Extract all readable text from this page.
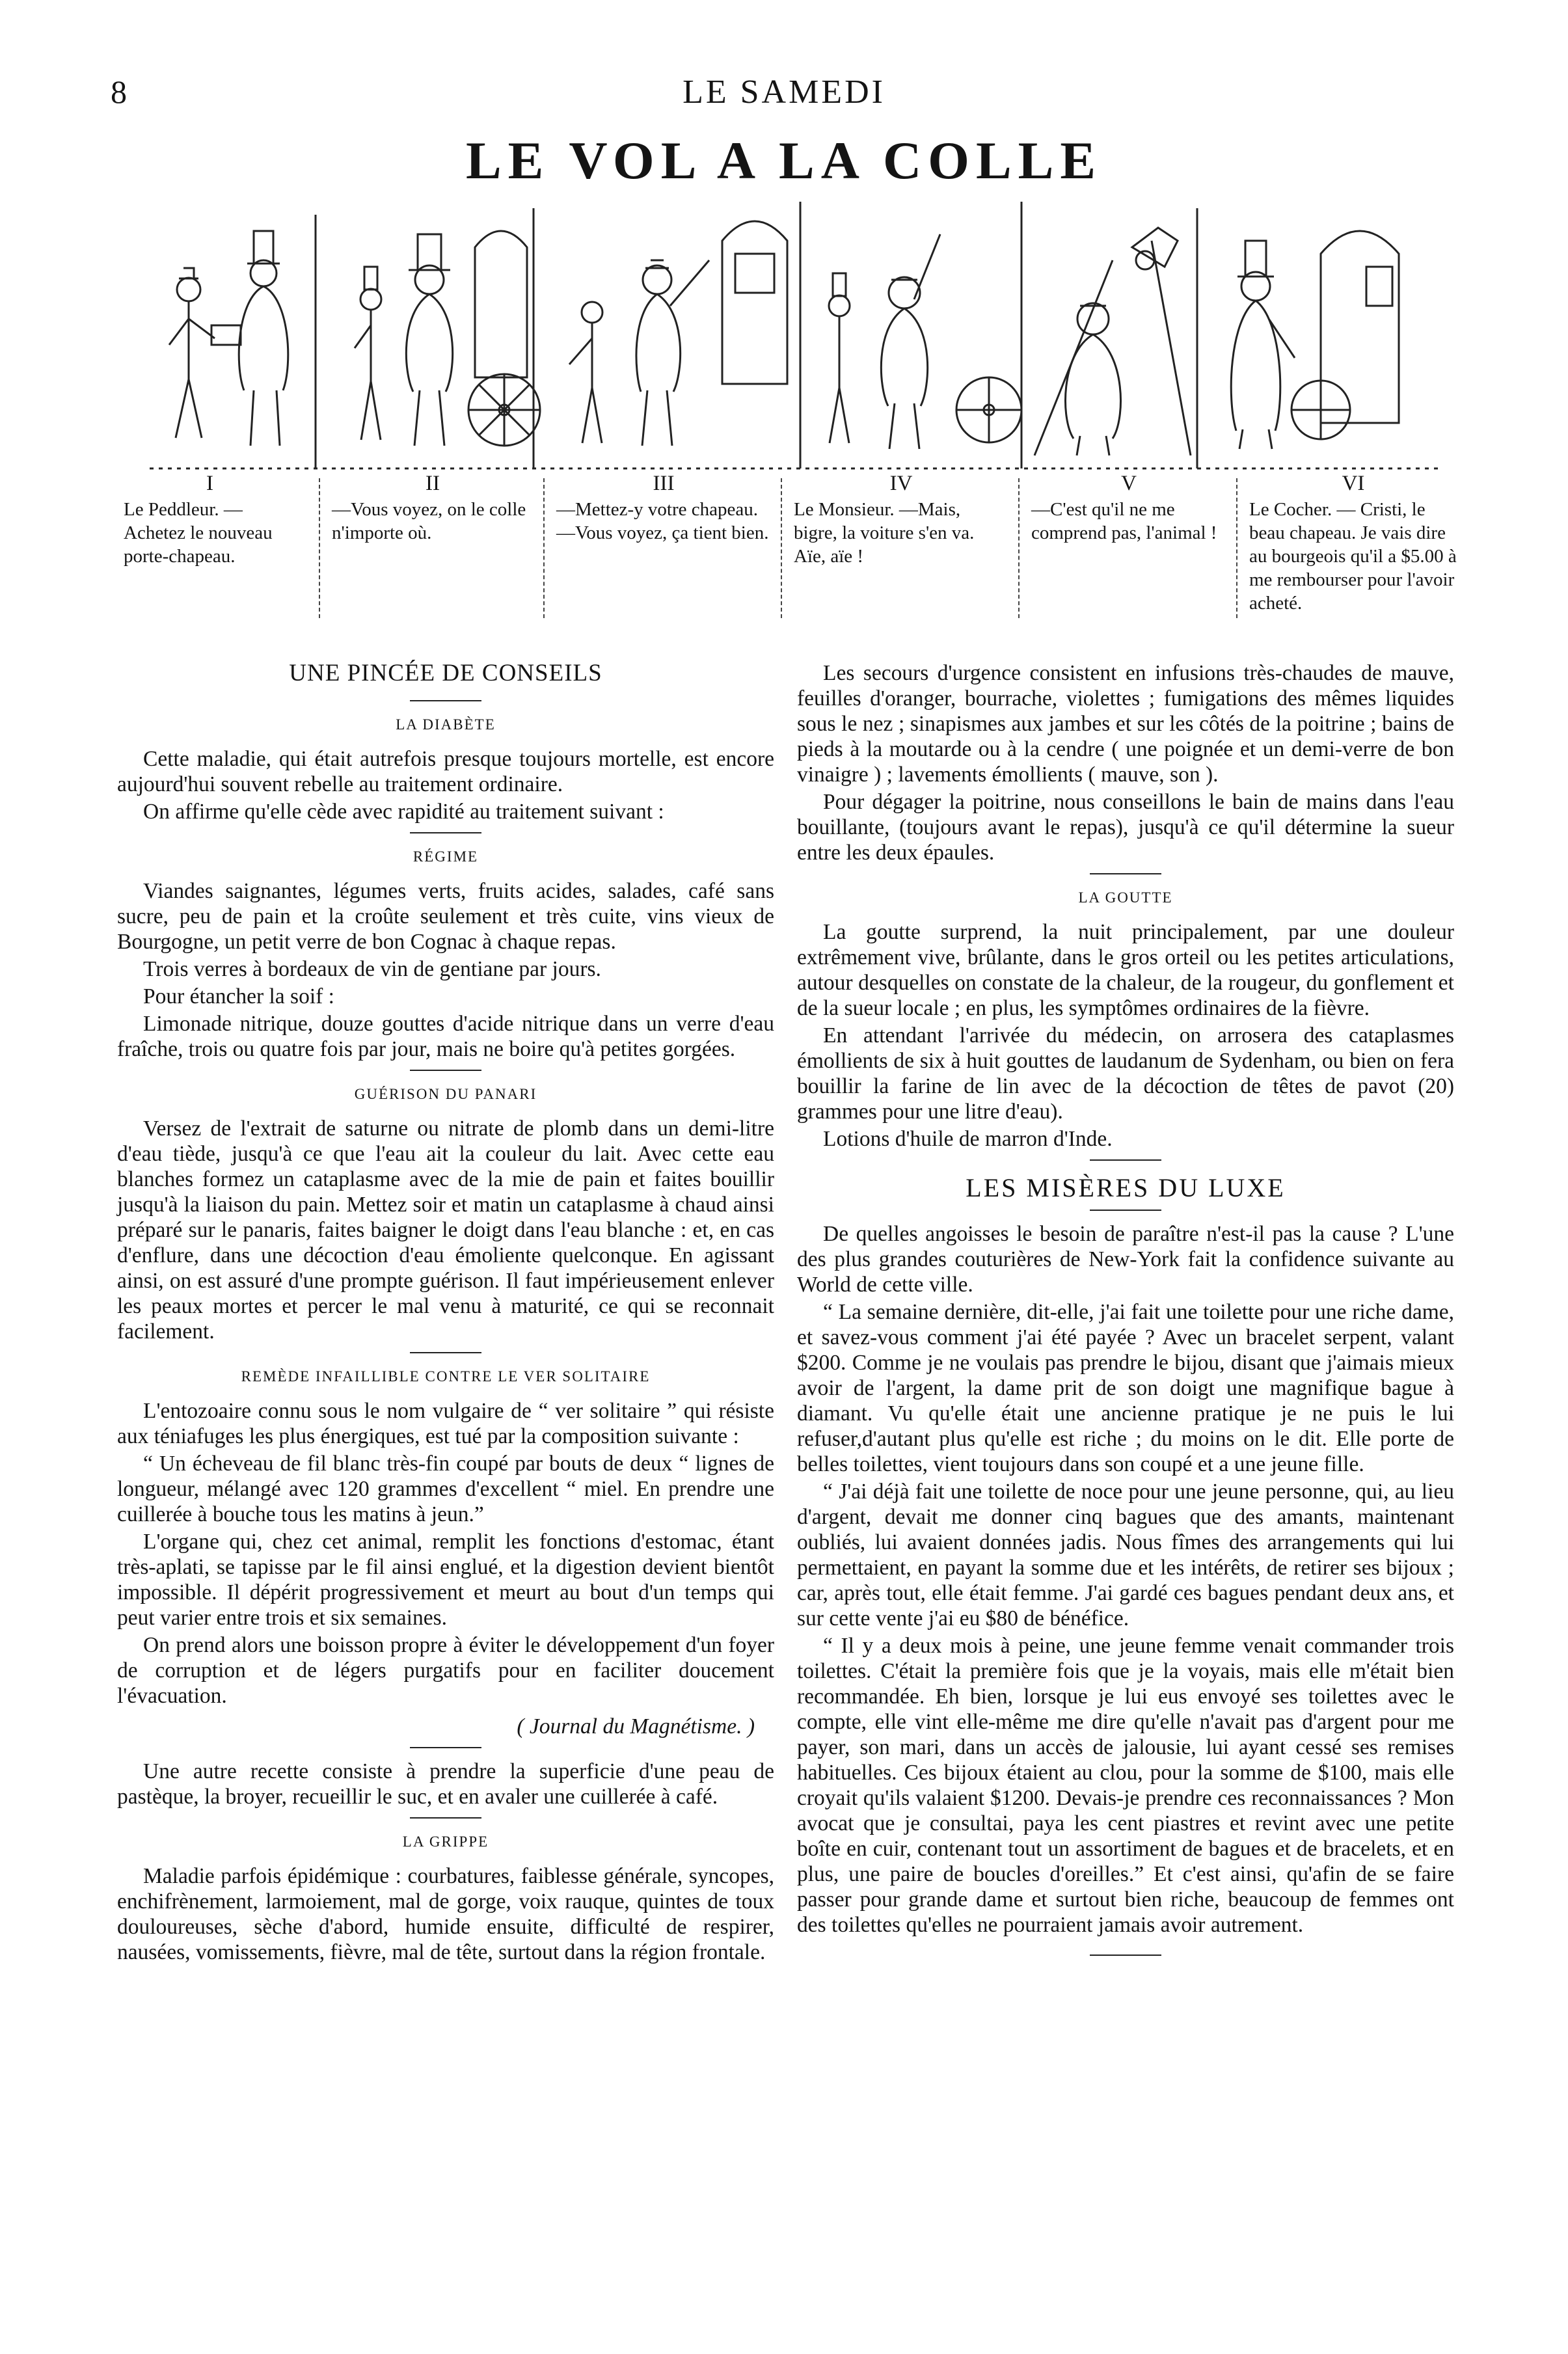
8	LE SAMEDI
LE VOL A LA COLLE
I
Le Peddleur. — Achetez le nouveau porte-chapeau.
II
—Vous voyez, on le colle n'importe où.
III
—Mettez-y votre chapeau. —Vous voyez, ça tient bien.
IV
Le Monsieur. —Mais, bigre, la voiture s'en va. Aïe, aïe !
V
—C'est qu'il ne me comprend pas, l'animal !
VI
Le Cocher. — Cristi, le beau chapeau. Je vais dire au bourgeois qu'il a $5.00 à me rembourser pour l'avoir acheté.
UNE PINCÉE DE CONSEILS
LA DIABÈTE

Cette maladie, qui était autrefois presque toujours mortelle, est encore aujourd'hui souvent rebelle au traitement ordinaire.

On affirme qu'elle cède avec rapidité au traitement suivant :

RÉGIME

Viandes saignantes, légumes verts, fruits acides, salades, café sans sucre, peu de pain et la croûte seulement et très cuite, vins vieux de Bourgogne, un petit verre de bon Cognac à chaque repas.

Trois verres à bordeaux de vin de gentiane par jours.

Pour étancher la soif :

Limonade nitrique, douze gouttes d'acide nitrique dans un verre d'eau fraîche, trois ou quatre fois par jour, mais ne boire qu'à petites gorgées.

GUÉRISON DU PANARI

Versez de l'extrait de saturne ou nitrate de plomb dans un demi-litre d'eau tiède, jusqu'à ce que l'eau ait la couleur du lait. Avec cette eau blanches formez un cataplasme avec de la mie de pain et faites bouillir jusqu'à la liaison du pain. Mettez soir et matin un cataplasme à chaud ainsi préparé sur le panaris, faites baigner le doigt dans l'eau blanche : et, en cas d'enflure, dans une décoction d'eau émoliente quelconque. En agissant ainsi, on est assuré d'une prompte guérison. Il faut impérieusement enlever les peaux mortes et percer le mal venu à maturité, ce qui se reconnait facilement.

REMÈDE INFAILLIBLE CONTRE LE VER SOLITAIRE

L'entozoaire connu sous le nom vulgaire de “ ver solitaire ” qui résiste aux téniafuges les plus énergiques, est tué par la composition suivante :

“ Un écheveau de fil blanc très-fin coupé par bouts de deux “ lignes de longueur, mélangé avec 120 grammes d'excellent “ miel. En prendre une cuillerée à bouche tous les matins à jeun.”

L'organe qui, chez cet animal, remplit les fonctions d'estomac, étant très-aplati, se tapisse par le fil ainsi englué, et la digestion devient bientôt impossible. Il dépérit progressivement et meurt au bout d'un temps qui peut varier entre trois et six semaines.

On prend alors une boisson propre à éviter le développement d'un foyer de corruption et de légers purgatifs pour en faciliter doucement l'évacuation.

( Journal du Magnétisme. )

Une autre recette consiste à prendre la superficie d'une peau de pastèque, la broyer, recueillir le suc, et en avaler une cuillerée à café.

LA GRIPPE

Maladie parfois épidémique : courbatures, faiblesse générale, syncopes, enchifrènement, larmoiement, mal de gorge, voix rauque, quintes de toux douloureuses, sèche d'abord, humide ensuite, difficulté de respirer, nausées, vomissements, fièvre, mal de tête, surtout dans la région frontale.

Les secours d'urgence consistent en infusions très-chaudes de mauve, feuilles d'oranger, bourrache, violettes ; fumigations des mêmes liquides sous le nez ; sinapismes aux jambes et sur les côtés de la poitrine ; bains de pieds à la moutarde ou à la cendre ( une poignée et un demi-verre de bon vinaigre ) ; lavements émollients ( mauve, son ).

Pour dégager la poitrine, nous conseillons le bain de mains dans l'eau bouillante, (toujours avant le repas), jusqu'à ce qu'il détermine la sueur entre les deux épaules.

LA GOUTTE

La goutte surprend, la nuit principalement, par une douleur extrêmement vive, brûlante, dans le gros orteil ou les petites articulations, autour desquelles on constate de la chaleur, de la rougeur, du gonflement et de la sueur locale ; en plus, les symptômes ordinaires de la fièvre.

En attendant l'arrivée du médecin, on arrosera des cataplasmes émollients de six à huit gouttes de laudanum de Sydenham, ou bien on fera bouillir la farine de lin avec de la décoction de têtes de pavot (20) grammes pour une litre d'eau).

Lotions d'huile de marron d'Inde.

LES MISÈRES DU LUXE

De quelles angoisses le besoin de paraître n'est-il pas la cause ? L'une des plus grandes couturières de New-York fait la confidence suivante au World de cette ville.

“ La semaine dernière, dit-elle, j'ai fait une toilette pour une riche dame, et savez-vous comment j'ai été payée ? Avec un bracelet serpent, valant $200. Comme je ne voulais pas prendre le bijou, disant que j'aimais mieux avoir de l'argent, la dame prit de son doigt une magnifique bague à diamant. Vu qu'elle était une ancienne pratique je ne puis le lui refuser,d'autant plus qu'elle est riche ; du moins on le dit. Elle porte de belles toilettes, vient toujours dans son coupé et a une jeune fille.

“ J'ai déjà fait une toilette de noce pour une jeune personne, qui, au lieu d'argent, devait me donner cinq bagues que des amants, maintenant oubliés, lui avaient données jadis. Nous fîmes des arrangements qui lui permettaient, en payant la somme due et les intérêts, de retirer ses bijoux ; car, après tout, elle était femme. J'ai gardé ces bagues pendant deux ans, et sur cette vente j'ai eu $80 de bénéfice.

“ Il y a deux mois à peine, une jeune femme venait commander trois toilettes. C'était la première fois que je la voyais, mais elle m'était bien recommandée. Eh bien, lorsque je lui eus envoyé ses toilettes avec le compte, elle vint elle-même me dire qu'elle n'avait pas d'argent pour me payer, son mari, dans un accès de jalousie, lui ayant cessé ses remises habituelles. Ces bijoux étaient au clou, pour la somme de $100, mais elle croyait qu'ils valaient $1200. Devais-je prendre ces reconnaissances ? Mon avocat que je consultai, paya les cent piastres et revint avec une petite boîte en cuir, contenant tout un assortiment de bagues et de bracelets, et en plus, une paire de boucles d'oreilles.” Et c'est ainsi, qu'afin de se faire passer pour grande dame et surtout bien riche, beaucoup de femmes ont des toilettes qu'elles ne pourraient jamais avoir autrement.
